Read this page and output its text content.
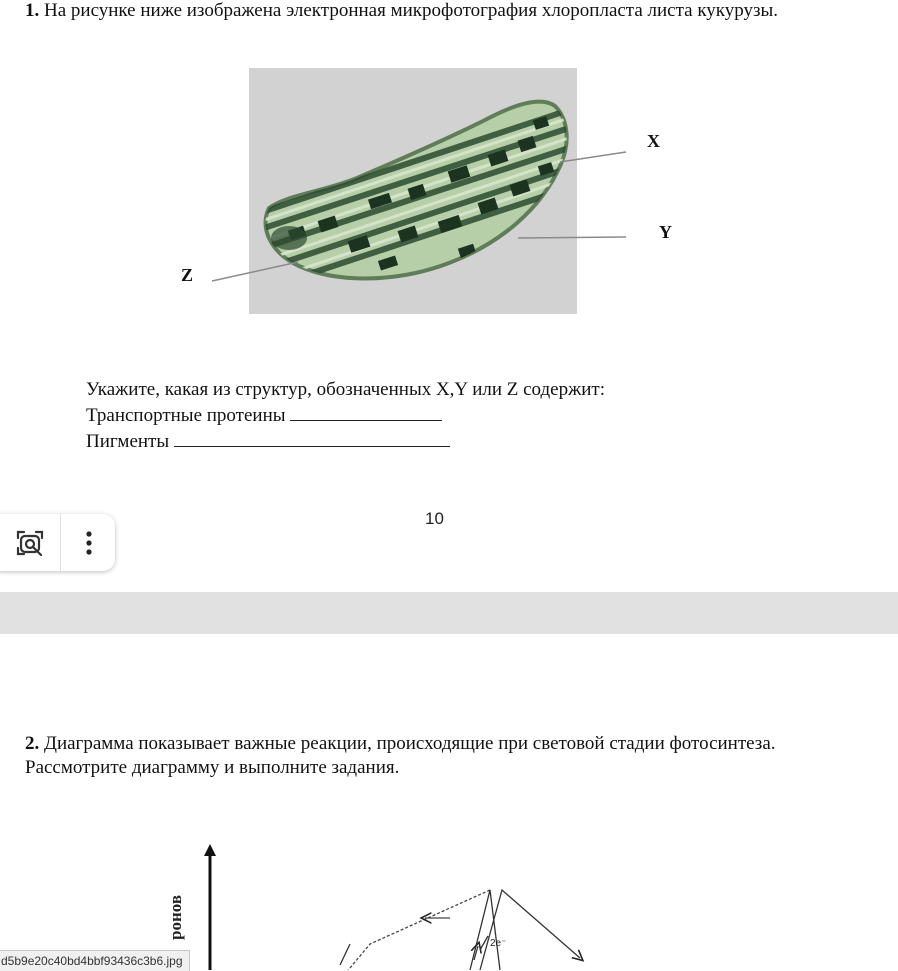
1. На рисунке ниже изображена электронная микрофотография хлоропласта листа кукурузы.
X
Y
Z
Укажите, какая из структур, обозначенных X,Y или Z содержит:
Транспортные протеины
Пигменты
10
2. Диаграмма показывает важные реакции, происходящие при световой стадии фотосинтеза.
Рассмотрите диаграмму и выполните задания.
ронов
2e⁻
d5b9e20c40bd4bbf93436c3b6.jpg
